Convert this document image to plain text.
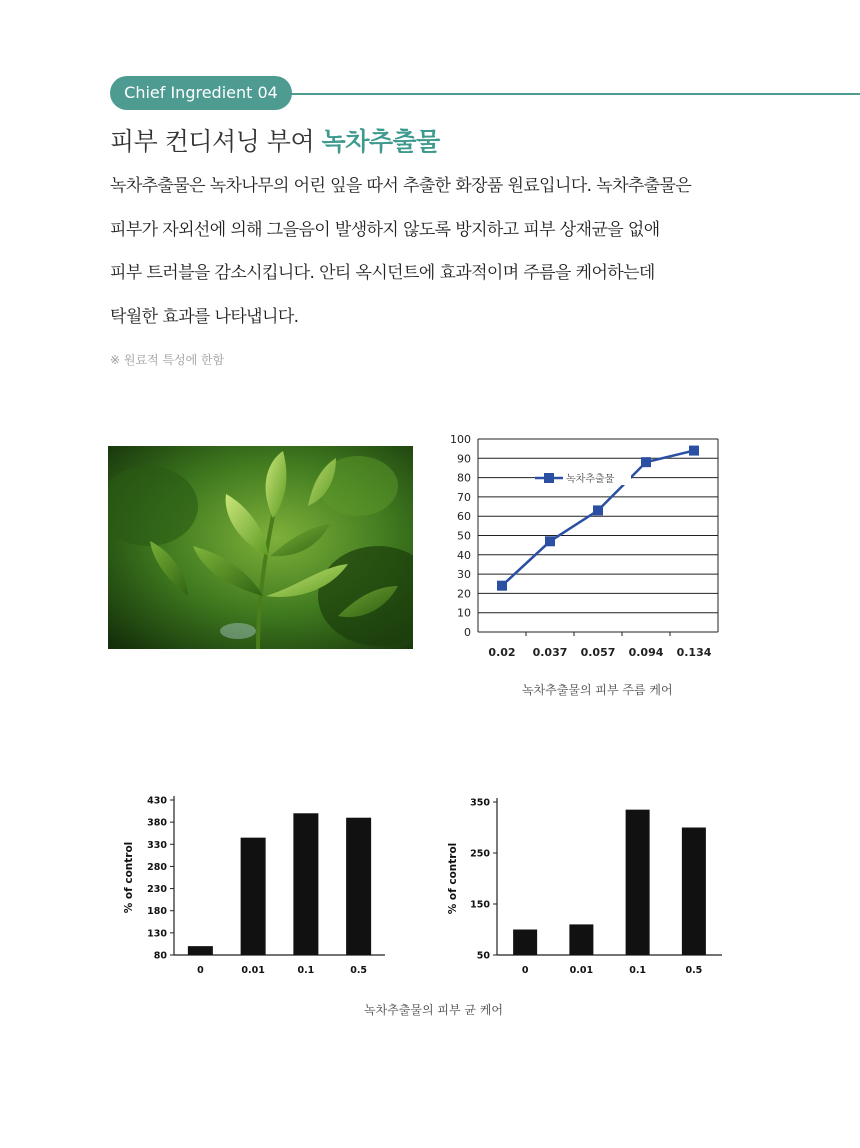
Chief Ingredient 04
피부 컨디셔닝 부여 녹차추출물
녹차추출물은 녹차나무의 어린 잎을 따서 추출한 화장품 원료입니다. 녹차추출물은
피부가 자외선에 의해 그을음이 발생하지 않도록 방지하고 피부 상재균을 없애
피부 트러블을 감소시킵니다. 안티 옥시던트에 효과적이며 주름을 케어하는데
탁월한 효과를 나타냅니다.
※ 원료적 특성에 한함
0
10
20
30
40
50
60
70
80
90
100
0.02 0.037 0.057 0.094 0.134
녹차추출물
녹차추출물의 피부 주름 케어
80
130
180
230
280
330
380
430
0	0.01	0.1	0.5
% of control
50
150
250
350
0	0.01	0.1	0.5
% of control
녹차추출물의 피부 균 케어
